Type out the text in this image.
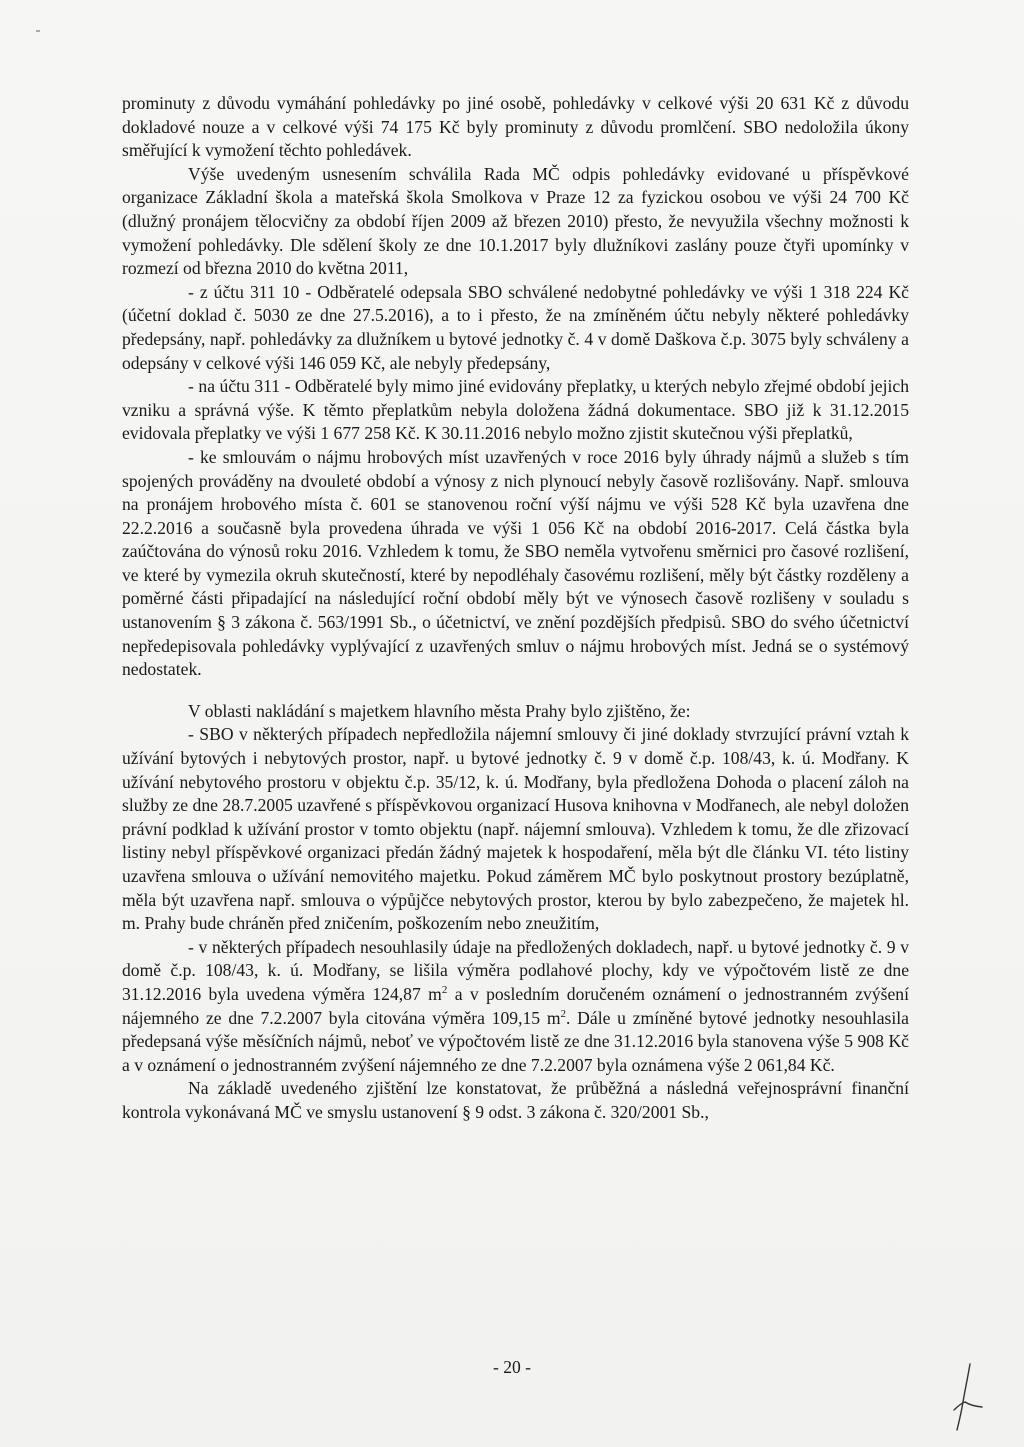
prominuty z důvodu vymáhání pohledávky po jiné osobě, pohledávky v celkové výši 20 631 Kč z důvodu dokladové nouze a v celkové výši 74 175 Kč byly prominuty z důvodu promlčení. SBO nedoložila úkony směřující k vymožení těchto pohledávek.

Výše uvedeným usnesením schválila Rada MČ odpis pohledávky evidované u příspěvkové organizace Základní škola a mateřská škola Smolkova v Praze 12 za fyzickou osobou ve výši 24 700 Kč (dlužný pronájem tělocvičny za období říjen 2009 až březen 2010) přesto, že nevyužila všechny možnosti k vymožení pohledávky. Dle sdělení školy ze dne 10.1.2017 byly dlužníkovi zaslány pouze čtyři upomínky v rozmezí od března 2010 do května 2011,

- z účtu 311 10 - Odběratelé odepsala SBO schválené nedobytné pohledávky ve výši 1 318 224 Kč (účetní doklad č. 5030 ze dne 27.5.2016), a to i přesto, že na zmíněném účtu nebyly některé pohledávky předepsány, např. pohledávky za dlužníkem u bytové jednotky č. 4 v domě Daškova č.p. 3075 byly schváleny a odepsány v celkové výši 146 059 Kč, ale nebyly předepsány,

- na účtu 311 - Odběratelé byly mimo jiné evidovány přeplatky, u kterých nebylo zřejmé období jejich vzniku a správná výše. K těmto přeplatkům nebyla doložena žádná dokumentace. SBO již k 31.12.2015 evidovala přeplatky ve výši 1 677 258 Kč. K 30.11.2016 nebylo možno zjistit skutečnou výši přeplatků,

- ke smlouvám o nájmu hrobových míst uzavřených v roce 2016 byly úhrady nájmů a služeb s tím spojených prováděny na dvouleté období a výnosy z nich plynoucí nebyly časově rozlišovány. Např. smlouva na pronájem hrobového místa č. 601 se stanovenou roční výší nájmu ve výši 528 Kč byla uzavřena dne 22.2.2016 a současně byla provedena úhrada ve výši 1 056 Kč na období 2016-2017. Celá částka byla zaúčtována do výnosů roku 2016. Vzhledem k tomu, že SBO neměla vytvořenu směrnici pro časové rozlišení, ve které by vymezila okruh skutečností, které by nepodléhaly časovému rozlišení, měly být částky rozděleny a poměrné části připadající na následující roční období měly být ve výnosech časově rozlišeny v souladu s ustanovením § 3 zákona č. 563/1991 Sb., o účetnictví, ve znění pozdějších předpisů. SBO do svého účetnictví nepředepisovala pohledávky vyplývající z uzavřených smluv o nájmu hrobových míst. Jedná se o systémový nedostatek.

V oblasti nakládání s majetkem hlavního města Prahy bylo zjištěno, že:

- SBO v některých případech nepředložila nájemní smlouvy či jiné doklady stvrzující právní vztah k užívání bytových i nebytových prostor, např. u bytové jednotky č. 9 v domě č.p. 108/43, k. ú. Modřany. K užívání nebytového prostoru v objektu č.p. 35/12, k. ú. Modřany, byla předložena Dohoda o placení záloh na služby ze dne 28.7.2005 uzavřené s příspěvkovou organizací Husova knihovna v Modřanech, ale nebyl doložen právní podklad k užívání prostor v tomto objektu (např. nájemní smlouva). Vzhledem k tomu, že dle zřizovací listiny nebyl příspěvkové organizaci předán žádný majetek k hospodaření, měla být dle článku VI. této listiny uzavřena smlouva o užívání nemovitého majetku. Pokud záměrem MČ bylo poskytnout prostory bezúplatně, měla být uzavřena např. smlouva o výpůjčce nebytových prostor, kterou by bylo zabezpečeno, že majetek hl. m. Prahy bude chráněn před zničením, poškozením nebo zneužitím,

- v některých případech nesouhlasily údaje na předložených dokladech, např. u bytové jednotky č. 9 v domě č.p. 108/43, k. ú. Modřany, se lišila výměra podlahové plochy, kdy ve výpočtovém listě ze dne 31.12.2016 byla uvedena výměra 124,87 $m^2$ a v posledním doručeném oznámení o jednostranném zvýšení nájemného ze dne 7.2.2007 byla citována výměra 109,15 $m^2$. Dále u zmíněné bytové jednotky nesouhlasila předepsaná výše měsíčních nájmů, neboť ve výpočtovém listě ze dne 31.12.2016 byla stanovena výše 5 908 Kč a v oznámení o jednostranném zvýšení nájemného ze dne 7.2.2007 byla oznámena výše 2 061,84 Kč.

Na základě uvedeného zjištění lze konstatovat, že průběžná a následná veřejnosprávní finanční kontrola vykonávaná MČ ve smyslu ustanovení § 9 odst. 3 zákona č. 320/2001 Sb.,

- 20 -
